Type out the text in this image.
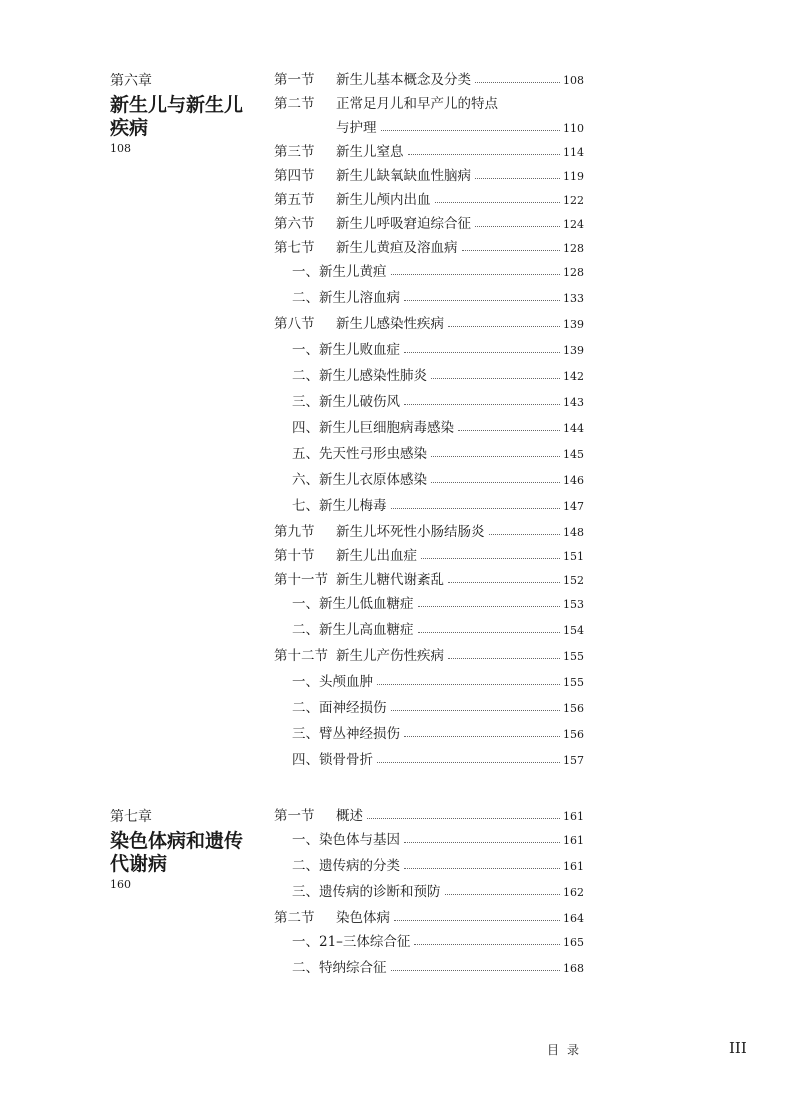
第六章
新生儿与新生儿
疾病
108
第七章
染色体病和遗传
代谢病
160
第一节	新生儿基本概念及分类	108
第二节	正常足月儿和早产儿的特点
与护理	110
第三节	新生儿窒息	114
第四节	新生儿缺氧缺血性脑病	119
第五节	新生儿颅内出血	122
第六节	新生儿呼吸窘迫综合征	124
第七节	新生儿黄疸及溶血病	128
一、 新生儿黄疸	128
二、 新生儿溶血病	133
第八节	新生儿感染性疾病	139
一、 新生儿败血症	139
二、 新生儿感染性肺炎	142
三、 新生儿破伤风	143
四、 新生儿巨细胞病毒感染	144
五、 先天性弓形虫感染	145
六、 新生儿衣原体感染	146
七、 新生儿梅毒	147
第九节	新生儿坏死性小肠结肠炎	148
第十节	新生儿出血症	151
第十一节 新生儿糖代谢紊乱	152
一、 新生儿低血糖症	153
二、 新生儿高血糖症	154
第十二节 新生儿产伤性疾病	155
一、 头颅血肿	155
二、 面神经损伤	156
三、 臂丛神经损伤	156
四、 锁骨骨折	157
第一节	概述	161
一、 染色体与基因	161
二、 遗传病的分类	161
三、 遗传病的诊断和预防	162
第二节	染色体病	164
一、 21–三体综合征	165
二、 特纳综合征	168
目录	III
